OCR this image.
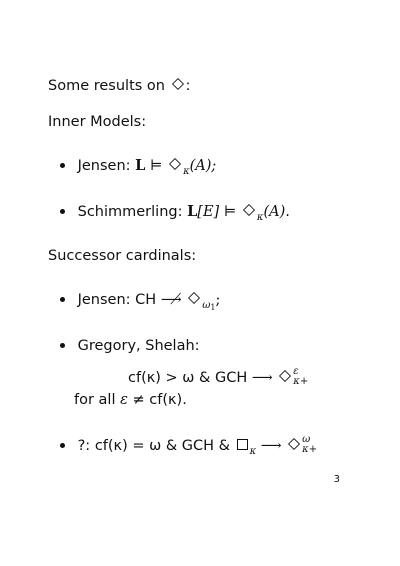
Some results on :
Inner Models:
Jensen: L ⊨ $_\kappa$(A);
Schimmerling: L[E] ⊨ $_\kappa$(A).
Successor cardinals:
Jensen: CH ⟶̸ $_{\omega 1}$;
Gregory, Shelah:
cf(κ) > ω & GCH ⟶ ε
κ+
for all ε ≠ cf(κ).
?: cf(κ) = ω & GCH & $_\kappa$ ⟶ ω
κ+
3
